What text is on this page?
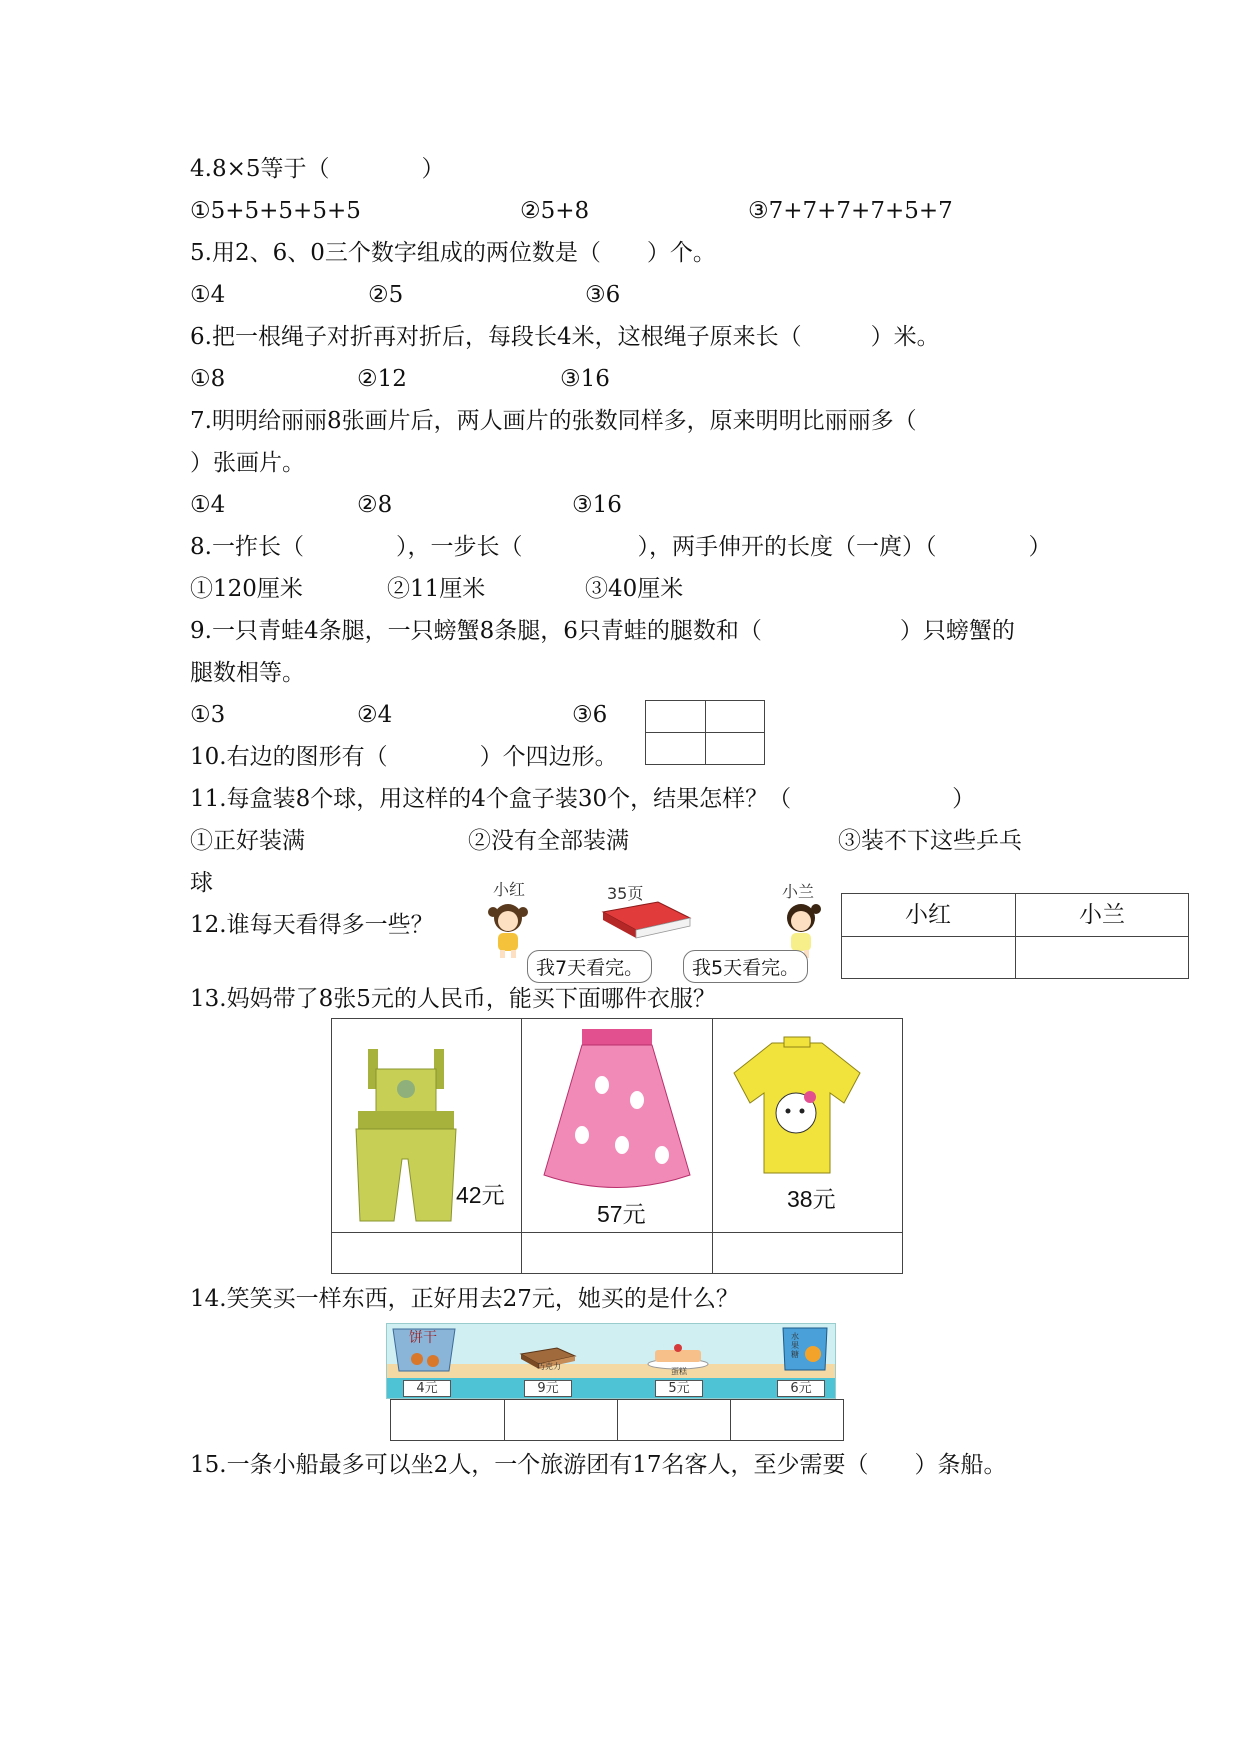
4.8×5等于（　　　　）
①5+5+5+5+5	②5+8	③7+7+7+7+5+7
5.用2、6、0三个数字组成的两位数是（　　）个。
①4	②5	③6
6.把一根绳子对折再对折后，每段长4米，这根绳子原来长（　　　）米。
①8	②12	③16
7.明明给丽丽8张画片后，两人画片的张数同样多，原来明明比丽丽多（
）张画片。
①4	②8	③16
8.一拃长（　　　　），一步长（　　　　　），两手伸开的长度（一庹）（　　　　）
①120厘米	②11厘米	③40厘米
9.一只青蛙4条腿，一只螃蟹8条腿，6只青蛙的腿数和（　　　　　　）只螃蟹的
腿数相等。
①3	②4	③6
10.右边的图形有（　　　　）个四边形。
11.每盒装8个球，用这样的4个盒子装30个，结果怎样？（　　　　　　　）
①正好装满	②没有全部装满	③装不下这些乒乓
球
12.谁每天看得多一些？
小红	35页	小兰
我7天看完。	我5天看完。
小红	小兰
13.妈妈带了8张5元的人民币，能买下面哪件衣服？
42元
57元
38元
14.笑笑买一样东西，正好用去27元，她买的是什么？
饼干
巧克力
蛋糕
水
果
糖
4元	9元	5元	6元
15.一条小船最多可以坐2人，一个旅游团有17名客人，至少需要（　　）条船。
